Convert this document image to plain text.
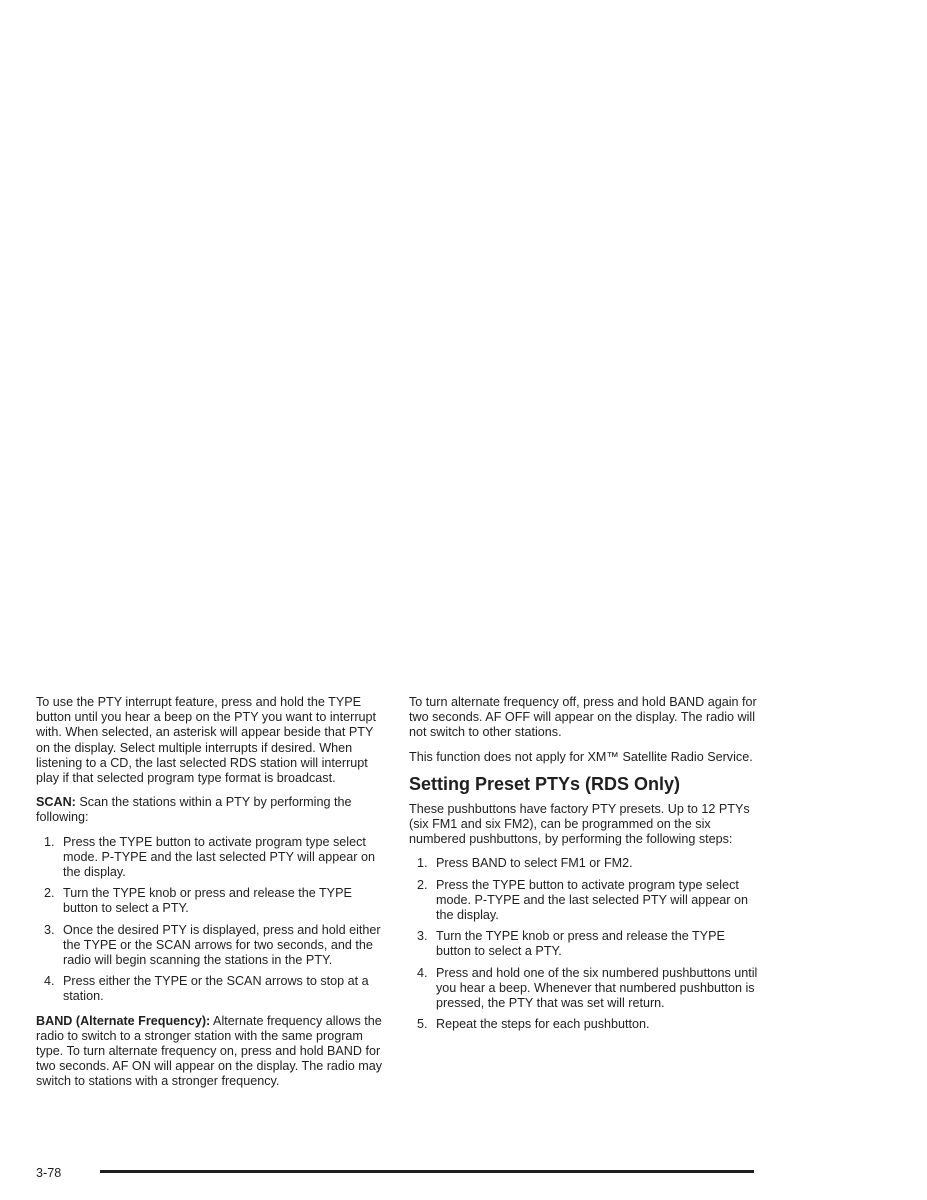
To use the PTY interrupt feature, press and hold the TYPE button until you hear a beep on the PTY you want to interrupt with. When selected, an asterisk will appear beside that PTY on the display. Select multiple interrupts if desired. When listening to a CD, the last selected RDS station will interrupt play if that selected program type format is broadcast.

SCAN: Scan the stations within a PTY by performing the following:

1. Press the TYPE button to activate program type select mode. P-TYPE and the last selected PTY will appear on the display.
2. Turn the TYPE knob or press and release the TYPE button to select a PTY.
3. Once the desired PTY is displayed, press and hold either the TYPE or the SCAN arrows for two seconds, and the radio will begin scanning the stations in the PTY.
4. Press either the TYPE or the SCAN arrows to stop at a station.

BAND (Alternate Frequency): Alternate frequency allows the radio to switch to a stronger station with the same program type. To turn alternate frequency on, press and hold BAND for two seconds. AF ON will appear on the display. The radio may switch to stations with a stronger frequency.

To turn alternate frequency off, press and hold BAND again for two seconds. AF OFF will appear on the display. The radio will not switch to other stations.

This function does not apply for XM™ Satellite Radio Service.

Setting Preset PTYs (RDS Only)

These pushbuttons have factory PTY presets. Up to 12 PTYs (six FM1 and six FM2), can be programmed on the six numbered pushbuttons, by performing the following steps:

1. Press BAND to select FM1 or FM2.
2. Press the TYPE button to activate program type select mode. P-TYPE and the last selected PTY will appear on the display.
3. Turn the TYPE knob or press and release the TYPE button to select a PTY.
4. Press and hold one of the six numbered pushbuttons until you hear a beep. Whenever that numbered pushbutton is pressed, the PTY that was set will return.
5. Repeat the steps for each pushbutton.
3-78
